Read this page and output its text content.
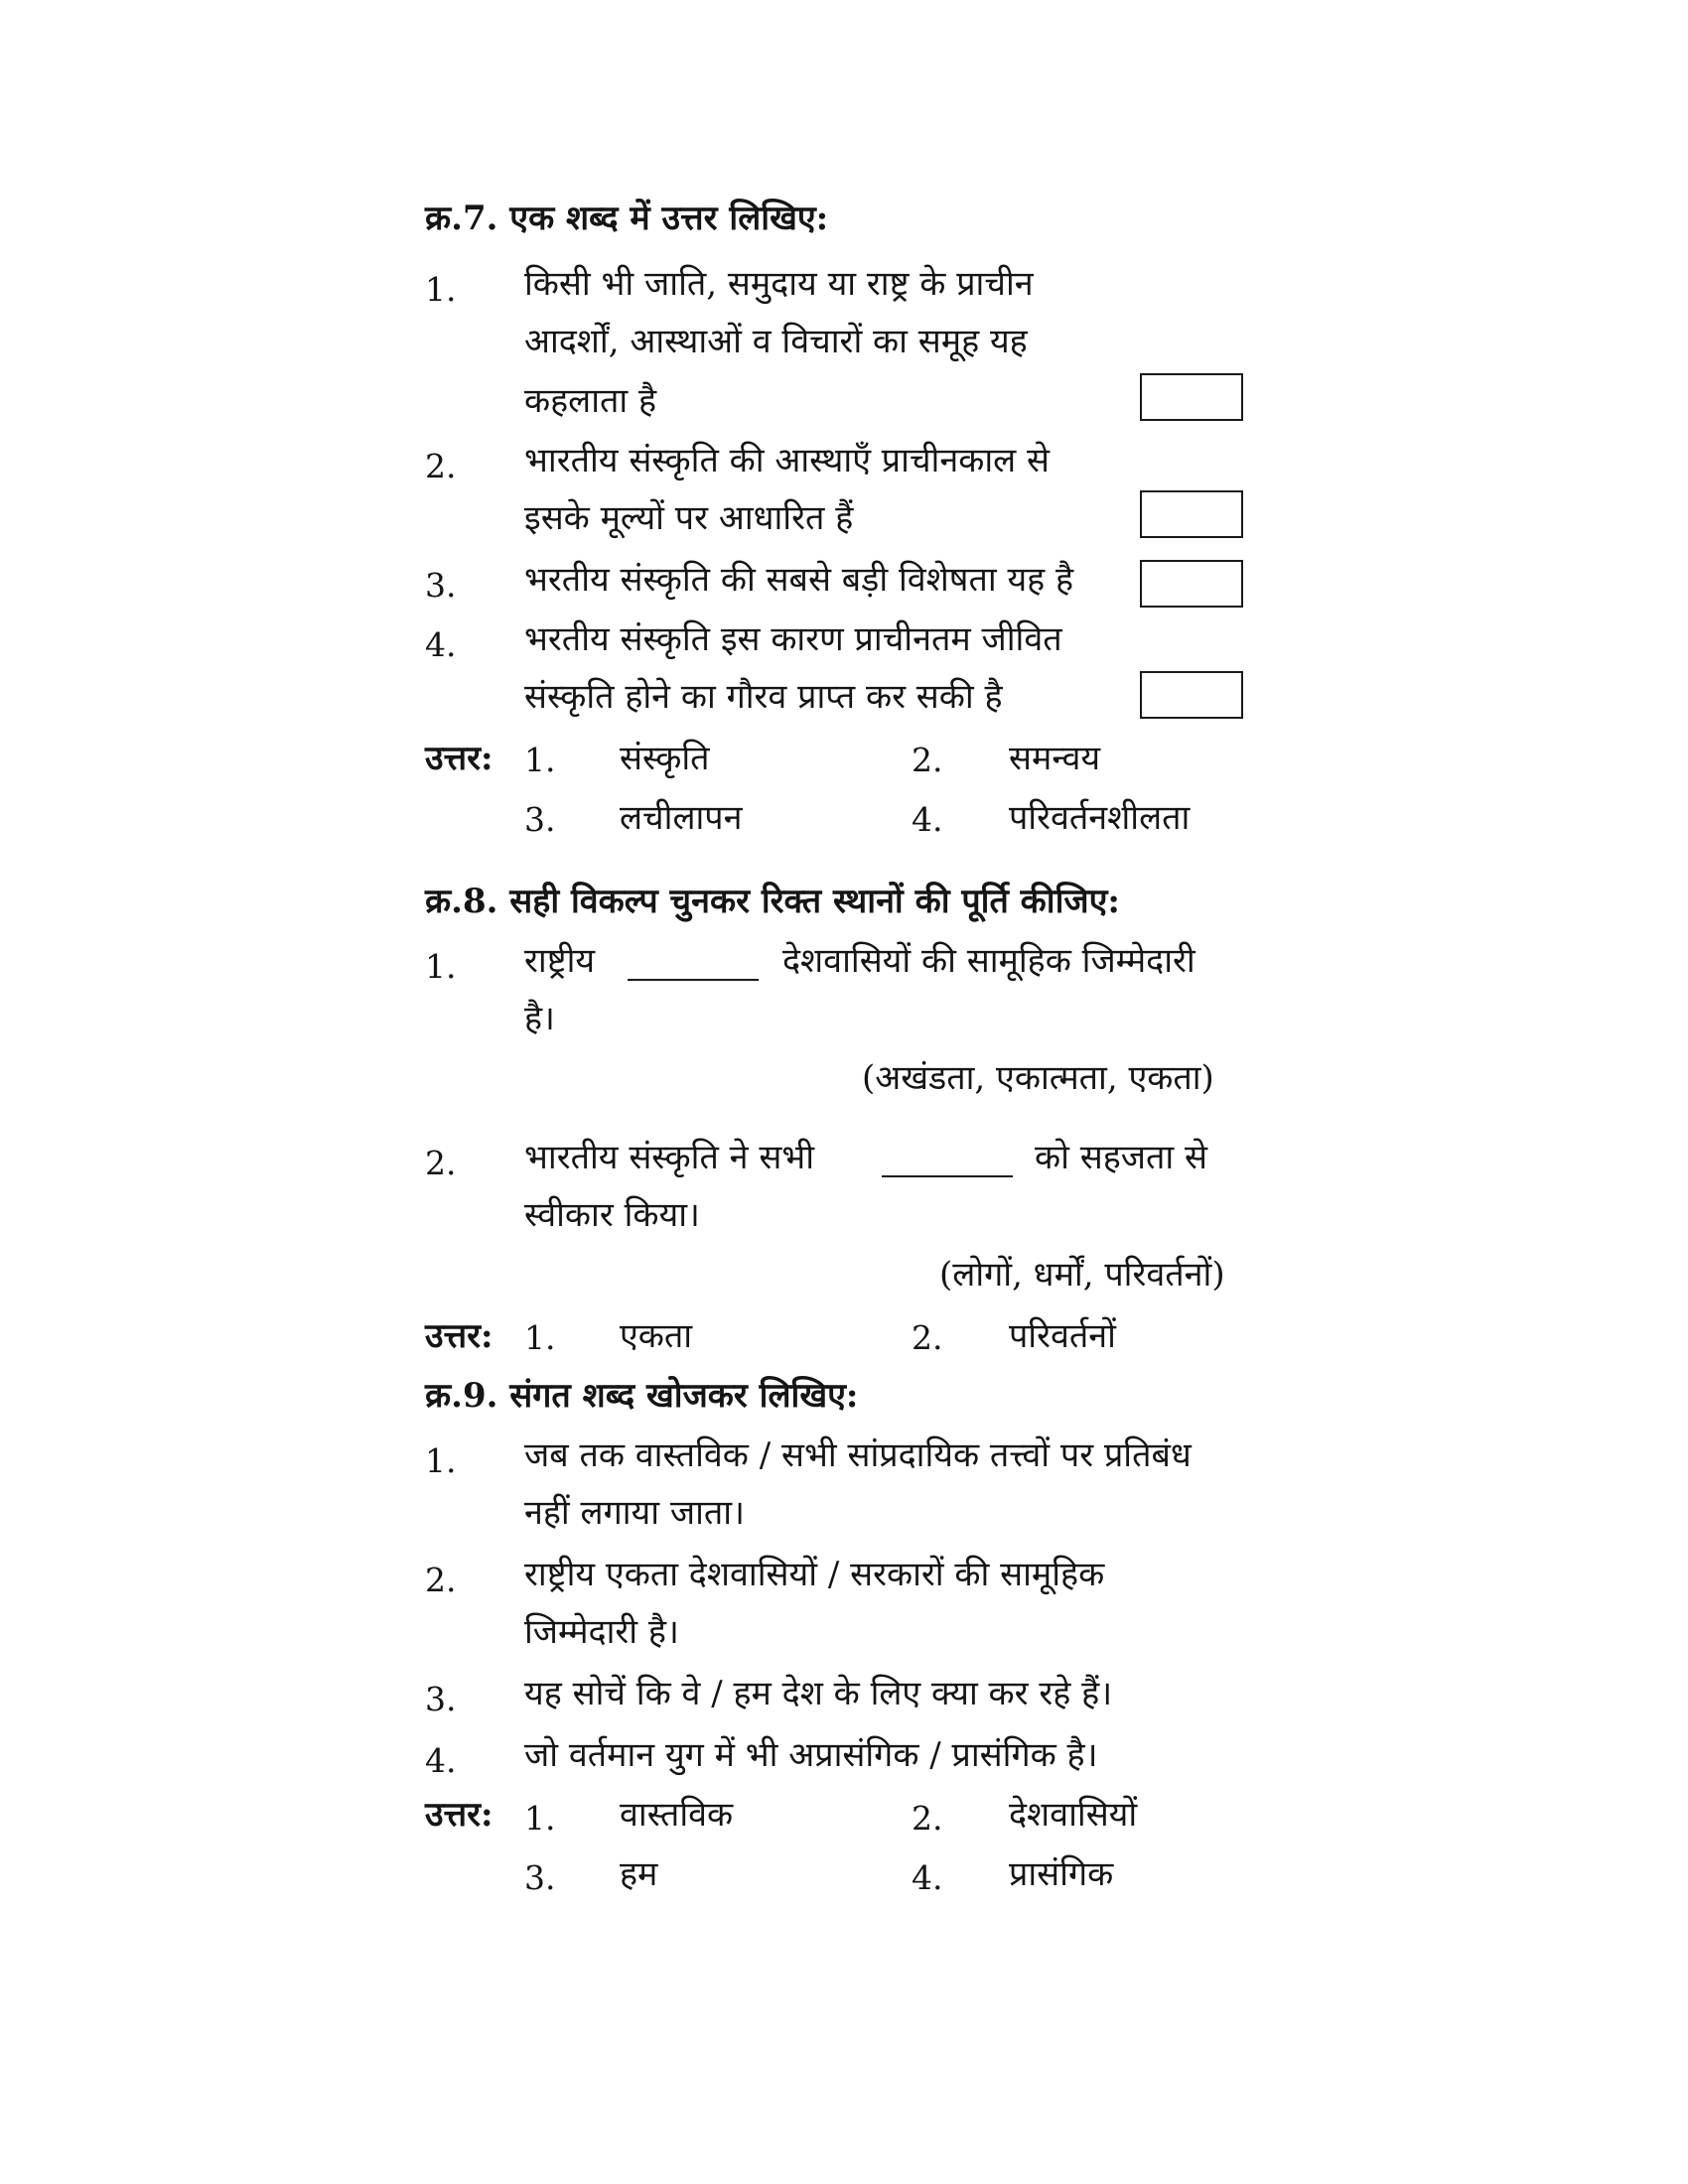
क्र.7. एक शब्द में उत्तर लिखिए:
1. किसी भी जाति, समुदाय या राष्ट्र के प्राचीन
आदर्शों, आस्थाओं व विचारों का समूह यह
कहलाता है
2. भारतीय संस्कृति की आस्थाएँ प्राचीनकाल से
इसके मूल्यों पर आधारित हैं
3. भरतीय संस्कृति की सबसे बड़ी विशेषता यह है
4. भरतीय संस्कृति इस कारण प्राचीनतम जीवित
संस्कृति होने का गौरव प्राप्त कर सकी है
उत्तर: 1. संस्कृति	2. समन्वय
3. लचीलापन	4. परिवर्तनशीलता
क्र.8. सही विकल्प चुनकर रिक्त स्थानों की पूर्ति कीजिए:
1. राष्ट्रीय	देशवासियों की सामूहिक जिम्मेदारी
है।
(अखंडता, एकात्मता, एकता)
2. भारतीय संस्कृति ने सभी	को सहजता से
स्वीकार किया।
(लोगों, धर्मों, परिवर्तनों)
उत्तर: 1. एकता	2. परिवर्तनों
क्र.9. संगत शब्द खोजकर लिखिए:
1. जब तक वास्तविक / सभी सांप्रदायिक तत्त्वों पर प्रतिबंध
नहीं लगाया जाता।
2. राष्ट्रीय एकता देशवासियों / सरकारों की सामूहिक
जिम्मेदारी है।
3. यह सोचें कि वे / हम देश के लिए क्या कर रहे हैं।
4. जो वर्तमान युग में भी अप्रासंगिक / प्रासंगिक है।
उत्तर: 1. वास्तविक	2. देशवासियों
3. हम	4. प्रासंगिक
